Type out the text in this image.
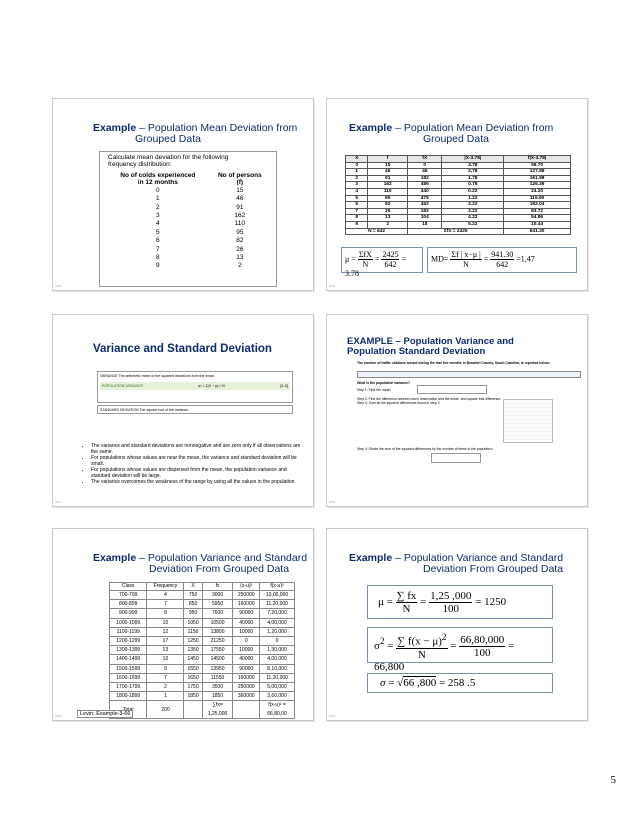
Example – Population Mean Deviation from
Grouped Data
Calculate mean deviation for the following
frequency distribution:
No of colds experienced
in 12 months	No of persons
(f)
0	15
1	46
2	91
3	162
4	110
5	95
6	82
7	26
8	13
9	2
3-33
Example – Population Mean Deviation from
Grouped Data
X	f	fX	|X-3.78|	f|X-3.78|
0	15	0	3.78	56.70
1	46	46	2.78	127.88
2	91	182	1.78	161.98
3	162	486	0.78	126.36
4	110	440	0.22	24.20
5	95	475	1.22	115.90
6	82	492	2.22	182.04
7	26	182	3.22	83.72
8	13	104	4.22	54.86
9	2	18	5.22	10.44
N = 642		ΣfX = 2425		941.30
$\mu = \frac{\text{ΣfX}}{N} = \frac{2425}{642} = 3.78$
$MD= \frac{\Sigma f | x-\mu |}{N} = \frac{941.30}{642} =1,47$
3-34
Variance and Standard Deviation
VARIANCE The arithmetic mean of the squared deviations from the mean.
POPULATION VARIANCE	σ² = Σ(X − μ)² / N	[3–5]
STANDARD DEVIATION The square root of the variance.
• The variance and standard deviations are nonnegative and are zero only if all observations are the same.
• For populations whose values are near the mean, the variance and standard deviation will be small.
• For populations whose values are dispersed from the mean, the population variance and standard deviation will be large.
• The variance overcomes the weakness of the range by using all the values in the population
3-27
EXAMPLE – Population Variance and
Population Standard Deviation
The number of traffic citations issued during the last five months in Beaufort County, South Carolina, is reported below:
What is the population variance?
Step 1: Find the mean.
Step 2: Find the difference between each observation and the mean, and square that difference.
Step 3: Sum all the squared differences found in step 3
Step 4: Divide the sum of the squared differences by the number of items in the population.
3-28
Example – Population Variance and Standard
Deviation From Grouped Data
Class	Frequency	X	fx	(x-u)²	f(x-u)²
700-799	4	750	3000	250000	10,00,000
800-899	7	850	5950	160000	11,20,000
900-999	8	950	7600	90000	7,20,000
1000-1099	10	1050	10500	40000	4,00,000
1100-1199	12	1150	13800	10000	1,20,000
1200-1299	17	1250	21250	0	0
1300-1399	13	1350	17550	10000	1,30,000
1400-1499	10	1450	14500	40000	4,00,000
1500-1599	9	1550	13950	90000	8,10,000
1600-1699	7	1650	11550	160000	11,20,000
1700-1799	2	1750	3500	250000	5,00,000
1800-1899	1	1850	1850	360000	3,60,000
	200		∑fx=
1,25,000		f(x-u)² =
66,80,00
Levin: Example-3-66
3-36
Example – Population Variance and Standard
Deviation From Grouped Data
$\mu = \frac{\sum fx}{N} = \frac{1,25 ,000}{100} = 1250$
$\sigma^2 = \frac{\sum f(x - \mu)^2}{N} = \frac{66,80,000}{100} = 66,800$
σ = √66 ,800 = 258 .5
3-37
5
